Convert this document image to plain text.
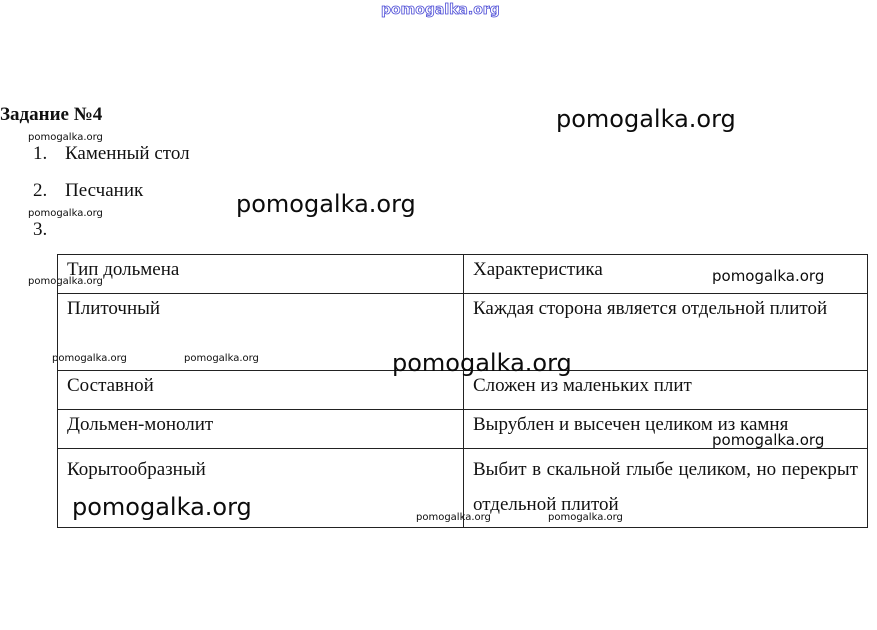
pomogalka.org
pomogalka.org
pomogalka.org
pomogalka.org
pomogalka.org
pomogalka.org
pomogalka.org
pomogalka.org	pomogalka.org
Задание №4
1. Каменный стол
2. Песчаник
3.
Тип дольмена	Характеристика
Плиточный	Каждая сторона является отдельной плитой
Составной	Сложен из маленьких плит
Дольмен-монолит	Вырублен и высечен целиком из камня
Корытообразный	Выбит в скальной глыбе целиком, но перекрыт отдельной плитой
pomogalka.org
pomogalka.org
pomogalka.org	pomogalka.org	pomogalka.org
